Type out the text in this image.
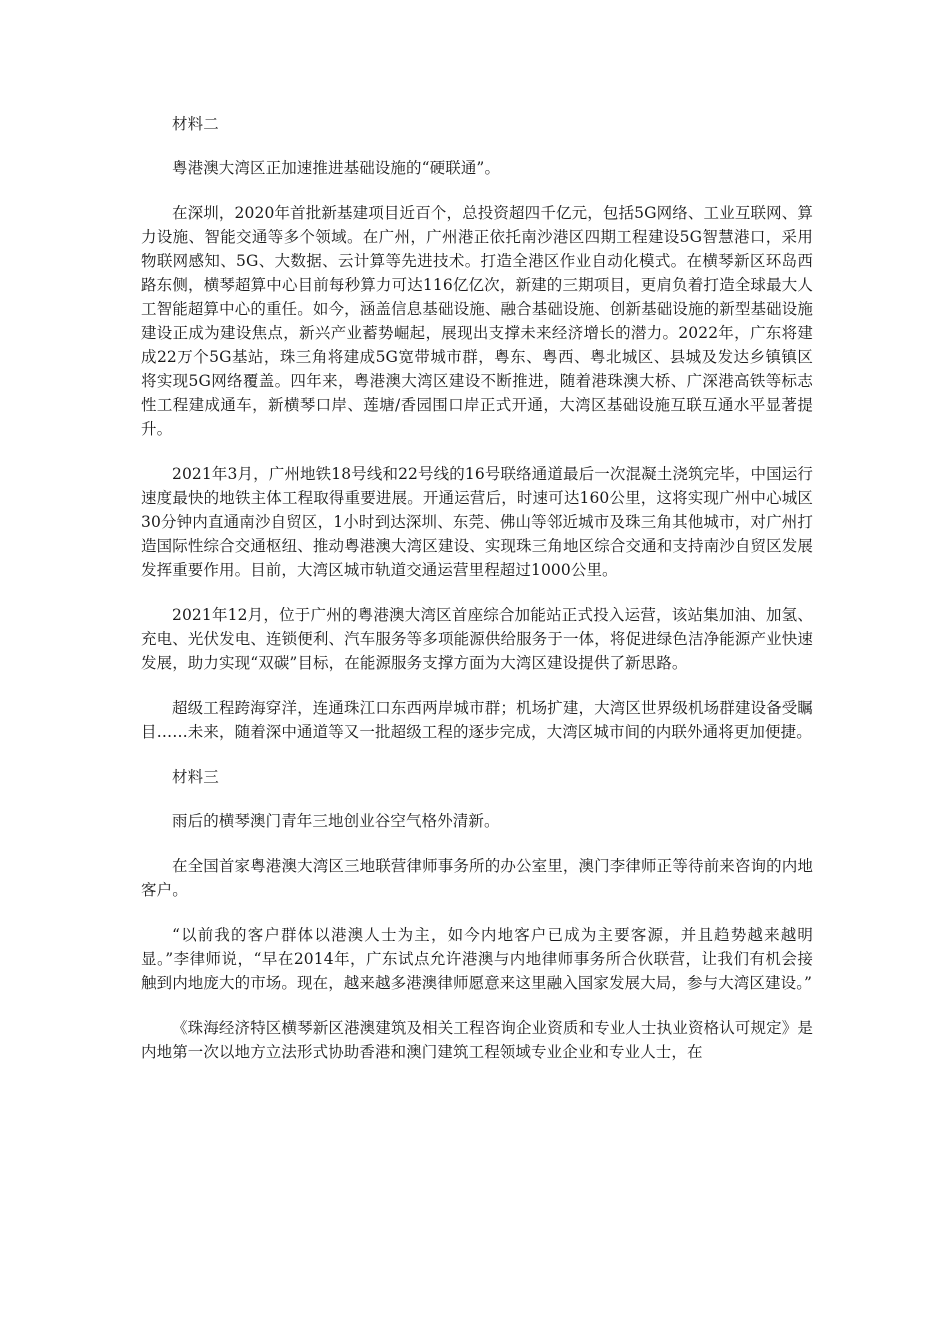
材料二

粤港澳大湾区正加速推进基础设施的“硬联通”。

在深圳，2020年首批新基建项目近百个，总投资超四千亿元，包括5G网络、工业互联网、算力设施、智能交通等多个领域。在广州，广州港正依托南沙港区四期工程建设5G智慧港口，采用物联网感知、5G、大数据、云计算等先进技术。打造全港区作业自动化模式。在横琴新区环岛西路东侧，横琴超算中心目前每秒算力可达116亿亿次，新建的三期项目，更肩负着打造全球最大人工智能超算中心的重任。如今，涵盖信息基础设施、融合基础设施、创新基础设施的新型基础设施建设正成为建设焦点，新兴产业蓄势崛起，展现出支撑未来经济增长的潜力。2022年，广东将建成22万个5G基站，珠三角将建成5G宽带城市群，粤东、粤西、粤北城区、县城及发达乡镇镇区将实现5G网络覆盖。四年来，粤港澳大湾区建设不断推进，随着港珠澳大桥、广深港高铁等标志性工程建成通车，新横琴口岸、莲塘/香园围口岸正式开通，大湾区基础设施互联互通水平显著提升。

2021年3月，广州地铁18号线和22号线的16号联络通道最后一次混凝土浇筑完毕，中国运行速度最快的地铁主体工程取得重要进展。开通运营后，时速可达160公里，这将实现广州中心城区30分钟内直通南沙自贸区，1小时到达深圳、东莞、佛山等邻近城市及珠三角其他城市，对广州打造国际性综合交通枢纽、推动粤港澳大湾区建设、实现珠三角地区综合交通和支持南沙自贸区发展发挥重要作用。目前，大湾区城市轨道交通运营里程超过1000公里。

2021年12月，位于广州的粤港澳大湾区首座综合加能站正式投入运营，该站集加油、加氢、充电、光伏发电、连锁便利、汽车服务等多项能源供给服务于一体，将促进绿色洁净能源产业快速发展，助力实现“双碳”目标，在能源服务支撑方面为大湾区建设提供了新思路。

超级工程跨海穿洋，连通珠江口东西两岸城市群；机场扩建，大湾区世界级机场群建设备受瞩目……未来，随着深中通道等又一批超级工程的逐步完成，大湾区城市间的内联外通将更加便捷。

材料三

雨后的横琴澳门青年三地创业谷空气格外清新。

在全国首家粤港澳大湾区三地联营律师事务所的办公室里，澳门李律师正等待前来咨询的内地客户。

“以前我的客户群体以港澳人士为主，如今内地客户已成为主要客源，并且趋势越来越明显。”李律师说，“早在2014年，广东试点允许港澳与内地律师事务所合伙联营，让我们有机会接触到内地庞大的市场。现在，越来越多港澳律师愿意来这里融入国家发展大局，参与大湾区建设。”

《珠海经济特区横琴新区港澳建筑及相关工程咨询企业资质和专业人士执业资格认可规定》是内地第一次以地方立法形式协助香港和澳门建筑工程领域专业企业和专业人士，在
